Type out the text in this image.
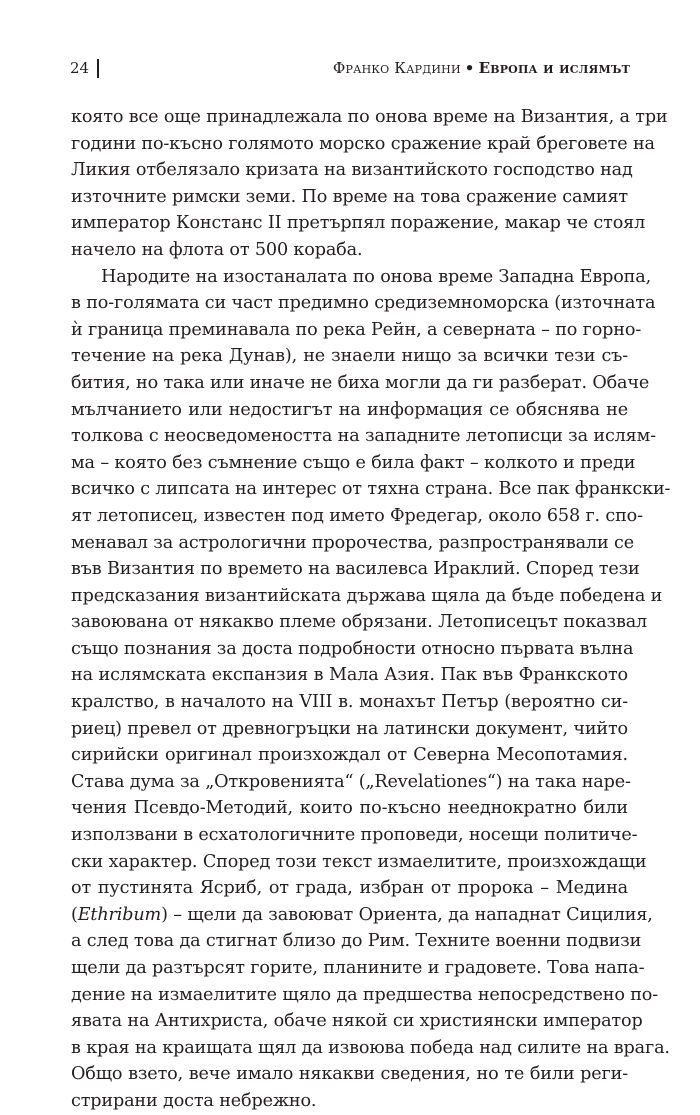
24	Франко Кардини • Европа и ислямът
която все още принадлежала по онова време на Византия, а три
години по-късно голямото морско сражение край бреговете на
Ликия отбелязало кризата на византийското господство над
източните римски земи. По време на това сражение самият
император Констанс II претърпял поражение, макар че стоял
начело на флота от 500 кораба.
Народите на изостаналата по онова време Западна Европа,
в по-голямата си част предимно средиземноморска (източната
ѝ граница преминавала по река Рейн, а северната – по горно-
течение на река Дунав), не знаели нищо за всички тези съ-
бития, но така или иначе не биха могли да ги разберат. Обаче
мълчанието или недостигът на информация се обяснява не
толкова с неосведомеността на западните летописци за ислям-
ма – която без съмнение също е била факт – колкото и преди
всичко с липсата на интерес от тяхна страна. Все пак франкски-
ят летописец, известен под името Фредегар, около 658 г. спо-
менавал за астрологични пророчества, разпространявали се
във Византия по времето на василевса Ираклий. Според тези
предсказания византийската държава щяла да бъде победена и
завоювана от някакво племе обрязани. Летописецът показвал
също познания за доста подробности относно първата вълна
на ислямската експанзия в Мала Азия. Пак във Франкското
кралство, в началото на VIII в. монахът Петър (вероятно си-
риец) превел от древногръцки на латински документ, чийто
сирийски оригинал произхождал от Северна Месопотамия.
Става дума за „Откровенията“ („Revelationes“) на така наре-
чения Псевдо-Методий, които по-късно нееднократно били
използвани в есхатологичните проповеди, носещи политиче-
ски характер. Според този текст измаелитите, произхождащи
от пустинята Ясриб, от града, избран от пророка – Медина
(Ethribum) – щели да завоюват Ориента, да нападнат Сицилия,
а след това да стигнат близо до Рим. Техните военни подвизи
щели да разтърсят горите, планините и градовете. Това напа-
дение на измаелитите щяло да предшества непосредствено по-
явата на Антихриста, обаче някой си християнски император
в края на краищата щял да извоюва победа над силите на врага.
Общо взето, вече имало някакви сведения, но те били реги-
стрирани доста небрежно.
